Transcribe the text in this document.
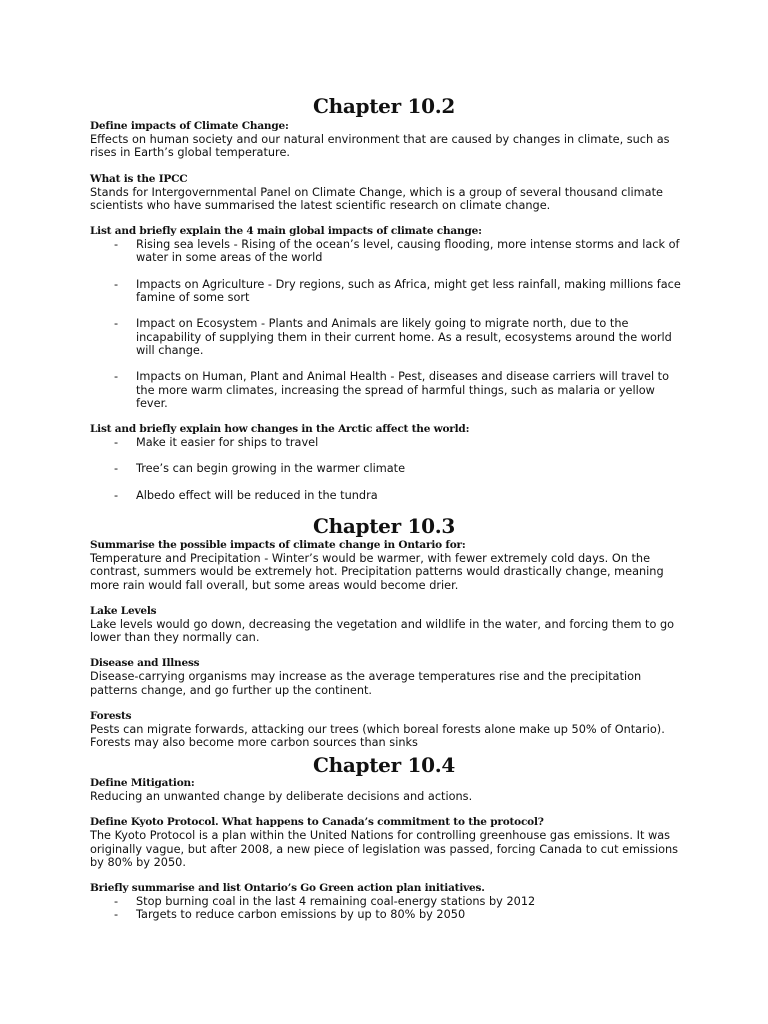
Chapter 10.2

Define impacts of Climate Change:

Effects on human society and our natural environment that are caused by changes in climate, such as rises in Earth’s global temperature.

What is the IPCC

Stands for Intergovernmental Panel on Climate Change, which is a group of several thousand climate scientists who have summarised the latest scientific research on climate change.

List and briefly explain the 4 main global impacts of climate change:

- Rising sea levels - Rising of the ocean’s level, causing flooding, more intense storms and lack of water in some areas of the world
- Impacts on Agriculture - Dry regions, such as Africa, might get less rainfall, making millions face famine of some sort
- Impact on Ecosystem - Plants and Animals are likely going to migrate north, due to the incapability of supplying them in their current home. As a result, ecosystems around the world will change.
- Impacts on Human, Plant and Animal Health - Pest, diseases and disease carriers will travel to the more warm climates, increasing the spread of harmful things, such as malaria or yellow fever.

List and briefly explain how changes in the Arctic affect the world:

- Make it easier for ships to travel
- Tree’s can begin growing in the warmer climate
- Albedo effect will be reduced in the tundra
Chapter 10.3

Summarise the possible impacts of climate change in Ontario for:

Temperature and Precipitation - Winter’s would be warmer, with fewer extremely cold days. On the contrast, summers would be extremely hot. Precipitation patterns would drastically change, meaning more rain would fall overall, but some areas would become drier.

Lake Levels

Lake levels would go down, decreasing the vegetation and wildlife in the water, and forcing them to go lower than they normally can.

Disease and Illness

Disease-carrying organisms may increase as the average temperatures rise and the precipitation patterns change, and go further up the continent.

Forests

Pests can migrate forwards, attacking our trees (which boreal forests alone make up 50% of Ontario). Forests may also become more carbon sources than sinks

Chapter 10.4

Define Mitigation:

Reducing an unwanted change by deliberate decisions and actions.

Define Kyoto Protocol. What happens to Canada’s commitment to the protocol?

The Kyoto Protocol is a plan within the United Nations for controlling greenhouse gas emissions. It was originally vague, but after 2008, a new piece of legislation was passed, forcing Canada to cut emissions by 80% by 2050.

Briefly summarise and list Ontario’s Go Green action plan initiatives.

- Stop burning coal in the last 4 remaining coal-energy stations by 2012
- Targets to reduce carbon emissions by up to 80% by 2050
